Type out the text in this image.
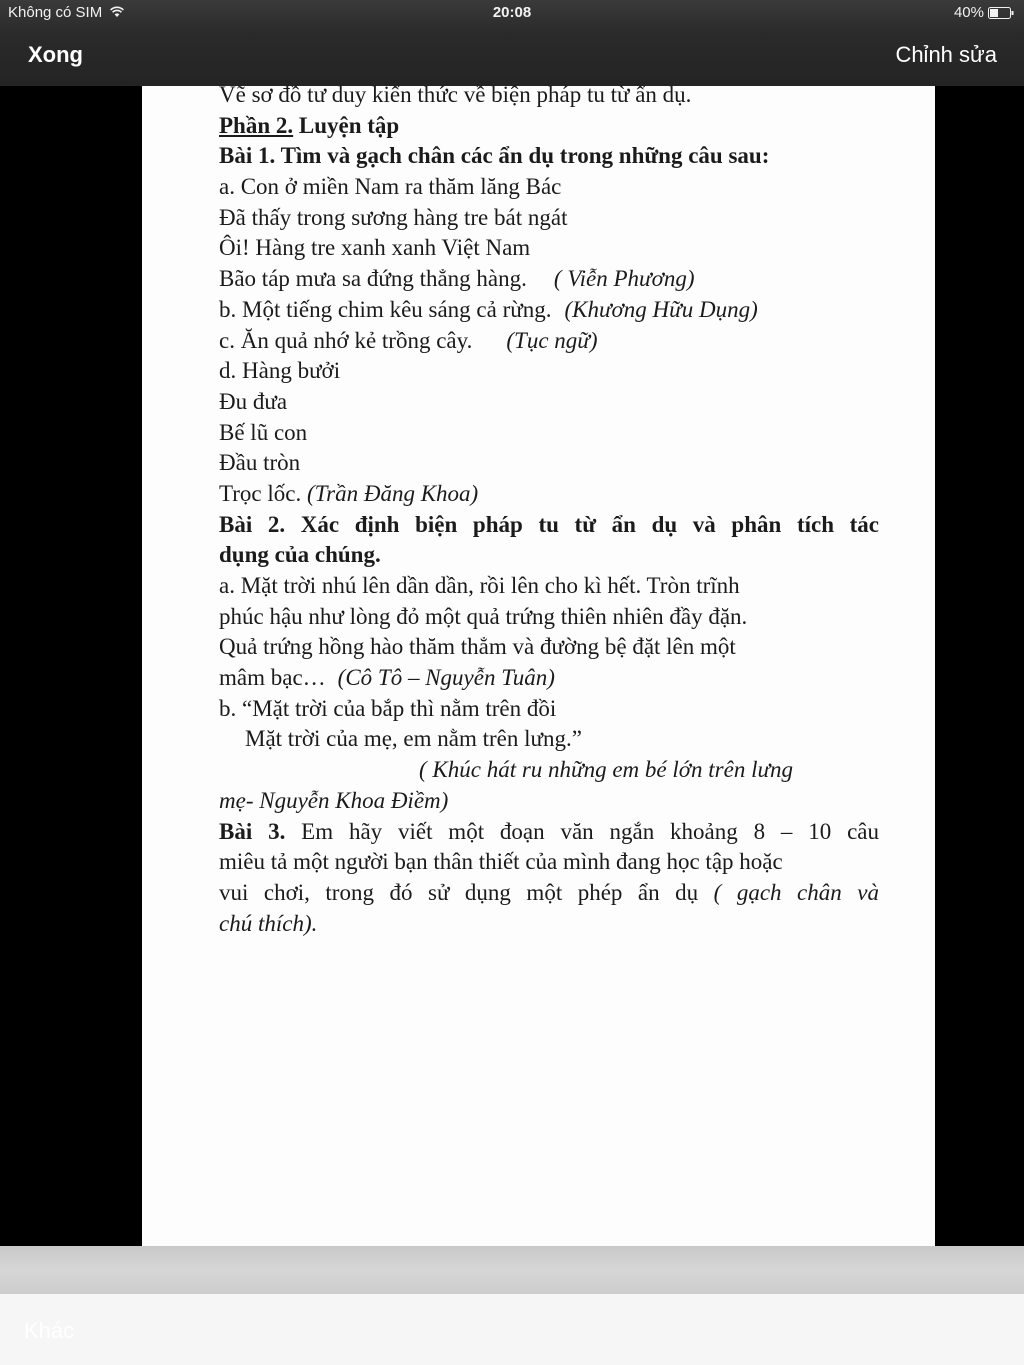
Không có SIM	20:08	40%
Xong	Chỉnh sửa
Vẽ sơ đồ tư duy kiến thức về biện pháp tu từ ẩn dụ.
Phần 2. Luyện tập
Bài 1. Tìm và gạch chân các ẩn dụ trong những câu sau:
a. Con ở miền Nam ra thăm lăng Bác
Đã thấy trong sương hàng tre bát ngát
Ôi! Hàng tre xanh xanh Việt Nam
Bão táp mưa sa đứng thẳng hàng. ( Viễn Phương)
b. Một tiếng chim kêu sáng cả rừng. (Khương Hữu Dụng)
c. Ăn quả nhớ kẻ trồng cây. (Tục ngữ)
d. Hàng bưởi
Đu đưa
Bế lũ con
Đầu tròn
Trọc lốc. (Trần Đăng Khoa)
Bài 2. Xác định biện pháp tu từ ẩn dụ và phân tích tác
dụng của chúng.
a. Mặt trời nhú lên dần dần, rồi lên cho kì hết. Tròn trĩnh
phúc hậu như lòng đỏ một quả trứng thiên nhiên đầy đặn.
Quả trứng hồng hào thăm thẳm và đường bệ đặt lên một
mâm bạc… (Cô Tô – Nguyễn Tuân)
b. “Mặt trời của bắp thì nằm trên đồi
Mặt trời của mẹ, em nằm trên lưng.”
( Khúc hát ru những em bé lớn trên lưng
mẹ- Nguyễn Khoa Điềm)
Bài 3. Em hãy viết một đoạn văn ngắn khoảng 8 – 10 câu
miêu tả một người bạn thân thiết của mình đang học tập hoặc
vui chơi, trong đó sử dụng một phép ẩn dụ ( gạch chân và
chú thích).
Khác
